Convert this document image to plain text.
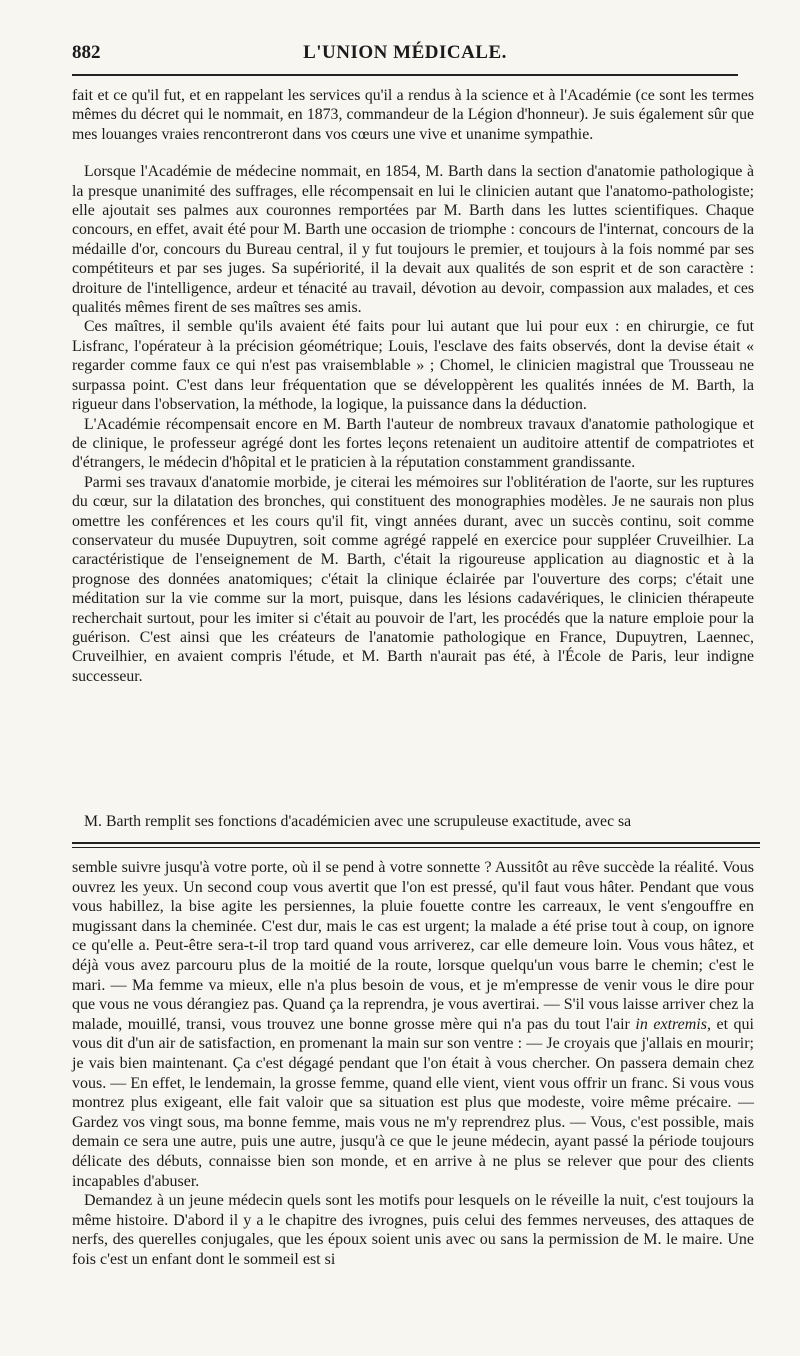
882	L'UNION MÉDICALE.

fait et ce qu'il fut, et en rappelant les services qu'il a rendus à la science et à l'Académie (ce sont les termes mêmes du décret qui le nommait, en 1873, commandeur de la Légion d'honneur). Je suis également sûr que mes louanges vraies rencontreront dans vos cœurs une vive et unanime sympathie.

Lorsque l'Académie de médecine nommait, en 1854, M. Barth dans la section d'anatomie pathologique à la presque unanimité des suffrages, elle récompensait en lui le clinicien autant que l'anatomo-pathologiste; elle ajoutait ses palmes aux couronnes remportées par M. Barth dans les luttes scientifiques. Chaque concours, en effet, avait été pour M. Barth une occasion de triomphe : concours de l'internat, concours de la médaille d'or, concours du Bureau central, il y fut toujours le premier, et toujours à la fois nommé par ses compétiteurs et par ses juges. Sa supériorité, il la devait aux qualités de son esprit et de son caractère : droiture de l'intelligence, ardeur et ténacité au travail, dévotion au devoir, compassion aux malades, et ces qualités mêmes firent de ses maîtres ses amis.

Ces maîtres, il semble qu'ils avaient été faits pour lui autant que lui pour eux : en chirurgie, ce fut Lisfranc, l'opérateur à la précision géométrique; Louis, l'esclave des faits observés, dont la devise était « regarder comme faux ce qui n'est pas vraisemblable » ; Chomel, le clinicien magistral que Trousseau ne surpassa point. C'est dans leur fréquentation que se développèrent les qualités innées de M. Barth, la rigueur dans l'observation, la méthode, la logique, la puissance dans la déduction.

L'Académie récompensait encore en M. Barth l'auteur de nombreux travaux d'anatomie pathologique et de clinique, le professeur agrégé dont les fortes leçons retenaient un auditoire attentif de compatriotes et d'étrangers, le médecin d'hôpital et le praticien à la réputation constamment grandissante.

Parmi ses travaux d'anatomie morbide, je citerai les mémoires sur l'oblitération de l'aorte, sur les ruptures du cœur, sur la dilatation des bronches, qui constituent des monographies modèles. Je ne saurais non plus omettre les conférences et les cours qu'il fit, vingt années durant, avec un succès continu, soit comme conservateur du musée Dupuytren, soit comme agrégé rappelé en exercice pour suppléer Cruveilhier. La caractéristique de l'enseignement de M. Barth, c'était la rigoureuse application au diagnostic et à la prognose des données anatomiques; c'était la clinique éclairée par l'ouverture des corps; c'était une méditation sur la vie comme sur la mort, puisque, dans les lésions cadavériques, le clinicien thérapeute recherchait surtout, pour les imiter si c'était au pouvoir de l'art, les procédés que la nature emploie pour la guérison. C'est ainsi que les créateurs de l'anatomie pathologique en France, Dupuytren, Laennec, Cruveilhier, en avaient compris l'étude, et M. Barth n'aurait pas été, à l'École de Paris, leur indigne successeur.

M. Barth remplit ses fonctions d'académicien avec une scrupuleuse exactitude, avec sa

semble suivre jusqu'à votre porte, où il se pend à votre sonnette ? Aussitôt au rêve succède la réalité. Vous ouvrez les yeux. Un second coup vous avertit que l'on est pressé, qu'il faut vous hâter. Pendant que vous vous habillez, la bise agite les persiennes, la pluie fouette contre les carreaux, le vent s'engouffre en mugissant dans la cheminée. C'est dur, mais le cas est urgent; la malade a été prise tout à coup, on ignore ce qu'elle a. Peut-être sera-t-il trop tard quand vous arriverez, car elle demeure loin. Vous vous hâtez, et déjà vous avez parcouru plus de la moitié de la route, lorsque quelqu'un vous barre le chemin; c'est le mari. — Ma femme va mieux, elle n'a plus besoin de vous, et je m'empresse de venir vous le dire pour que vous ne vous dérangiez pas. Quand ça la reprendra, je vous avertirai. — S'il vous laisse arriver chez la malade, mouillé, transi, vous trouvez une bonne grosse mère qui n'a pas du tout l'air in extremis, et qui vous dit d'un air de satisfaction, en promenant la main sur son ventre : — Je croyais que j'allais en mourir; je vais bien maintenant. Ça c'est dégagé pendant que l'on était à vous chercher. On passera demain chez vous. — En effet, le lendemain, la grosse femme, quand elle vient, vient vous offrir un franc. Si vous vous montrez plus exigeant, elle fait valoir que sa situation est plus que modeste, voire même précaire. — Gardez vos vingt sous, ma bonne femme, mais vous ne m'y reprendrez plus. — Vous, c'est possible, mais demain ce sera une autre, puis une autre, jusqu'à ce que le jeune médecin, ayant passé la période toujours délicate des débuts, connaisse bien son monde, et en arrive à ne plus se relever que pour des clients incapables d'abuser.

Demandez à un jeune médecin quels sont les motifs pour lesquels on le réveille la nuit, c'est toujours la même histoire. D'abord il y a le chapitre des ivrognes, puis celui des femmes nerveuses, des attaques de nerfs, des querelles conjugales, que les époux soient unis avec ou sans la permission de M. le maire. Une fois c'est un enfant dont le sommeil est si
